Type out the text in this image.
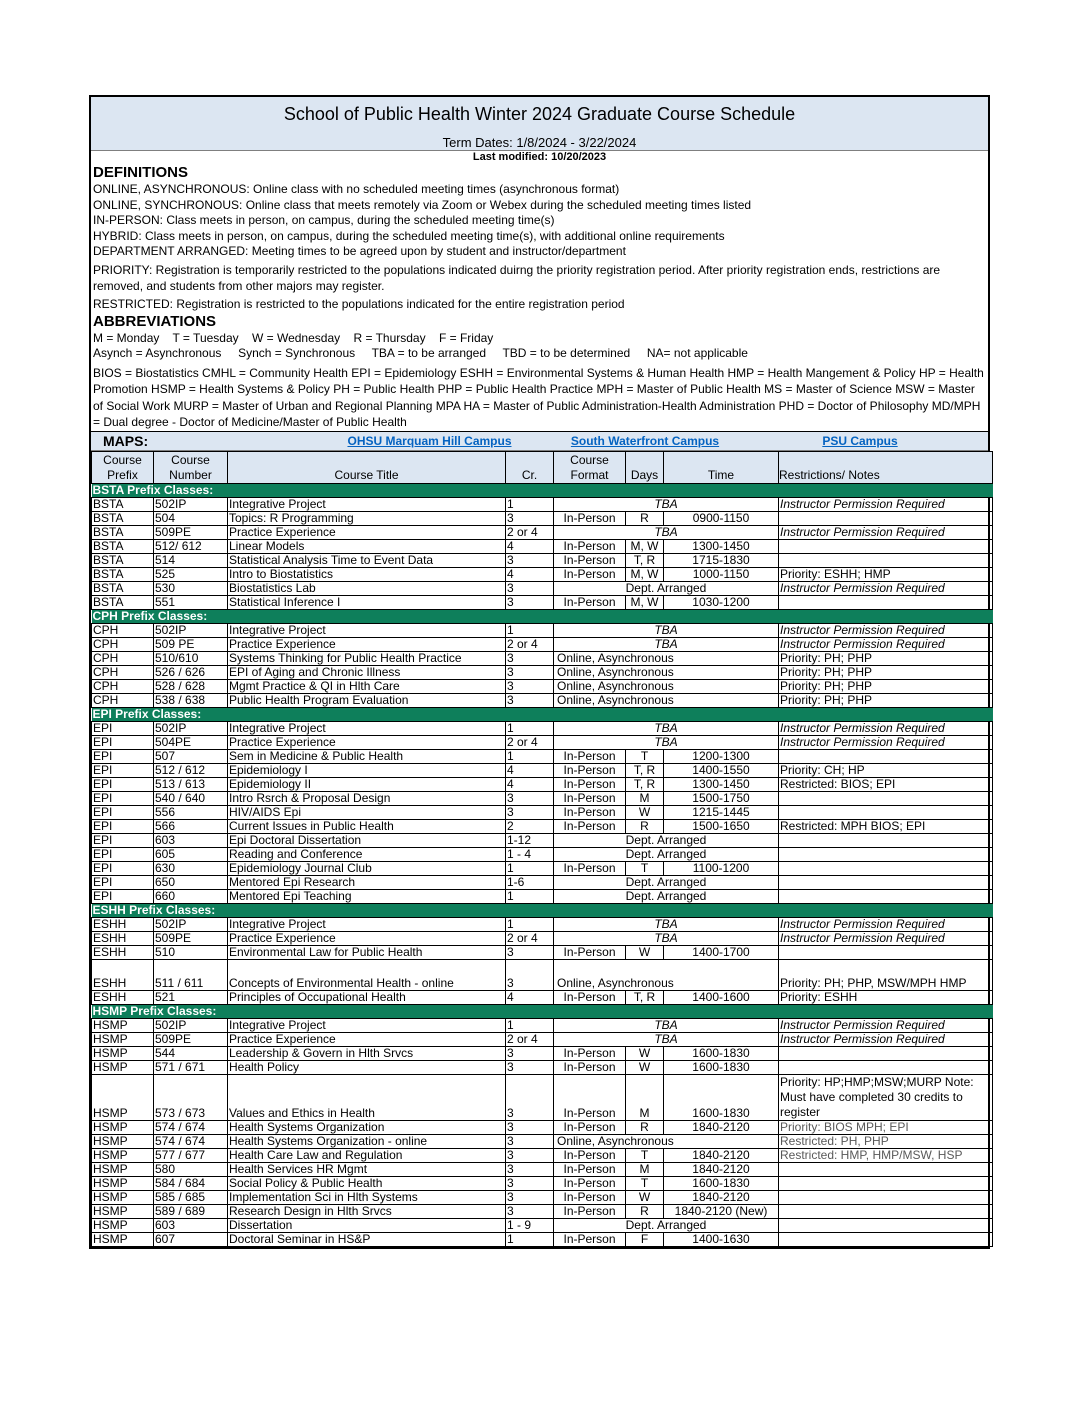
School of Public Health Winter 2024 Graduate Course Schedule
Term Dates: 1/8/2024 - 3/22/2024
Last modified: 10/20/2023
DEFINITIONS
ONLINE, ASYNCHRONOUS: Online class with no scheduled meeting times (asynchronous format)
ONLINE, SYNCHRONOUS: Online class that meets remotely via Zoom or Webex during the scheduled meeting times listed
IN-PERSON: Class meets in person, on campus, during the scheduled meeting time(s)
HYBRID: Class meets in person, on campus, during the scheduled meeting time(s), with additional online requirements
DEPARTMENT ARRANGED: Meeting times to be agreed upon by student and instructor/department
PRIORITY: Registration is temporarily restricted to the populations indicated duirng the priority registration period. After priority registration ends, restrictions are removed, and students from other majors may register.
RESTRICTED: Registration is restricted to the populations indicated for the entire registration period
ABBREVIATIONS
M = Monday    T = Tuesday    W = Wednesday    R = Thursday    F = Friday
Asynch = Asynchronous     Synch = Synchronous     TBA = to be arranged     TBD = to be determined     NA= not applicable
BIOS = Biostatistics CMHL = Community Health EPI = Epidemiology ESHH = Environmental Systems & Human Health HMP = Health Mangement & Policy HP = Health Promotion HSMP = Health Systems & Policy PH = Public Health PHP = Public Health Practice MPH = Master of Public Health MS = Master of Science MSW = Master of Social Work MURP = Master of Urban and Regional Planning MPA HA = Master of Public Administration-Health Administration PHD = Doctor of Philosophy MD/MPH = Dual degree - Doctor of Medicine/Master of Public Health
MAPS:	OHSU Marquam Hill Campus	South Waterfront Campus	PSU Campus
Course
Prefix	Course
Number	Course Title	Cr.	Course
Format	Days	Time	Restrictions/ Notes
BSTA Prefix Classes:							
BSTA	502IP	Integrative Project	1	TBA			Instructor Permission Required
BSTA	504	Topics: R Programming	3	In-Person	R	0900-1150	
BSTA	509PE	Practice Experience	2 or 4	TBA			Instructor Permission Required
BSTA	512/ 612	Linear Models	4	In-Person	M, W	1300-1450	
BSTA	514	Statistical Analysis Time to Event Data	3	In-Person	T, R	1715-1830	
BSTA	525	Intro to Biostatistics	4	In-Person	M, W	1000-1150	Priority: ESHH; HMP
BSTA	530	Biostatistics Lab	3	Dept. Arranged			Instructor Permission Required
BSTA	551	Statistical Inference I	3	In-Person	M, W	1030-1200	
CPH Prefix Classes:							
CPH	502IP	Integrative Project	1	TBA			Instructor Permission Required
CPH	509 PE	Practice Experience	2 or 4	TBA			Instructor Permission Required
CPH	510/610	Systems Thinking for Public Health Practice	3	Online, Asynchronous			Priority: PH; PHP
CPH	526 / 626	EPI of Aging and Chronic Illness	3	Online, Asynchronous			Priority: PH; PHP
CPH	528 / 628	Mgmt Practice & QI in Hlth Care	3	Online, Asynchronous			Priority: PH; PHP
CPH	538 / 638	Public Health Program Evaluation	3	Online, Asynchronous			Priority: PH; PHP
EPI Prefix Classes:							
EPI	502IP	Integrative Project	1	TBA			Instructor Permission Required
EPI	504PE	Practice Experience	2 or 4	TBA			Instructor Permission Required
EPI	507	Sem in Medicine & Public Health	1	In-Person	T	1200-1300	
EPI	512 / 612	Epidemiology I	4	In-Person	T, R	1400-1550	Priority: CH; HP
EPI	513 / 613	Epidemiology II	4	In-Person	T, R	1300-1450	Restricted: BIOS; EPI
EPI	540 / 640	Intro Rsrch & Proposal Design	3	In-Person	M	1500-1750	
EPI	556	HIV/AIDS Epi	3	In-Person	W	1215-1445	
EPI	566	Current Issues in Public Health	2	In-Person	R	1500-1650	Restricted: MPH BIOS; EPI
EPI	603	Epi Doctoral Dissertation	1-12	Dept. Arranged			
EPI	605	Reading and Conference	1 - 4	Dept. Arranged			
EPI	630	Epidemiology Journal Club	1	In-Person	T	1100-1200	
EPI	650	Mentored Epi Research	1-6	Dept. Arranged			
EPI	660	Mentored Epi Teaching	1	Dept. Arranged			
ESHH Prefix Classes:							
ESHH	502IP	Integrative Project	1	TBA			Instructor Permission Required
ESHH	509PE	Practice Experience	2 or 4	TBA			Instructor Permission Required
ESHH	510	Environmental Law for Public Health	3	In-Person	W	1400-1700	
ESHH	511 / 611	Concepts of Environmental Health - online	3	Online, Asynchronous			Priority: PH; PHP, MSW/MPH HMP
ESHH	521	Principles of Occupational Health	4	In-Person	T, R	1400-1600	Priority: ESHH
HSMP Prefix Classes:							
HSMP	502IP	Integrative Project	1	TBA			Instructor Permission Required
HSMP	509PE	Practice Experience	2 or 4	TBA			Instructor Permission Required
HSMP	544	Leadership & Govern in Hlth Srvcs	3	In-Person	W	1600-1830	
HSMP	571 / 671	Health Policy	3	In-Person	W	1600-1830	
HSMP	573 / 673	Values and Ethics in Health	3	In-Person	M	1600-1830	Priority: HP;HMP;MSW;MURP Note: Must have completed 30 credits to register
HSMP	574 / 674	Health Systems Organization	3	In-Person	R	1840-2120	Priority: BIOS MPH; EPI
HSMP	574 / 674	Health Systems Organization - online	3	Online, Asynchronous			Restricted: PH, PHP
HSMP	577 / 677	Health Care Law and Regulation	3	In-Person	T	1840-2120	Restricted: HMP, HMP/MSW, HSP
HSMP	580	Health Services HR Mgmt	3	In-Person	M	1840-2120	
HSMP	584 / 684	Social Policy & Public Health	3	In-Person	T	1600-1830	
HSMP	585 / 685	Implementation Sci in Hlth Systems	3	In-Person	W	1840-2120	
HSMP	589 / 689	Research Design in Hlth Srvcs	3	In-Person	R	1840-2120 (New)	
HSMP	603	Dissertation	1 - 9	Dept. Arranged			
HSMP	607	Doctoral Seminar in HS&P	1	In-Person	F	1400-1630	
